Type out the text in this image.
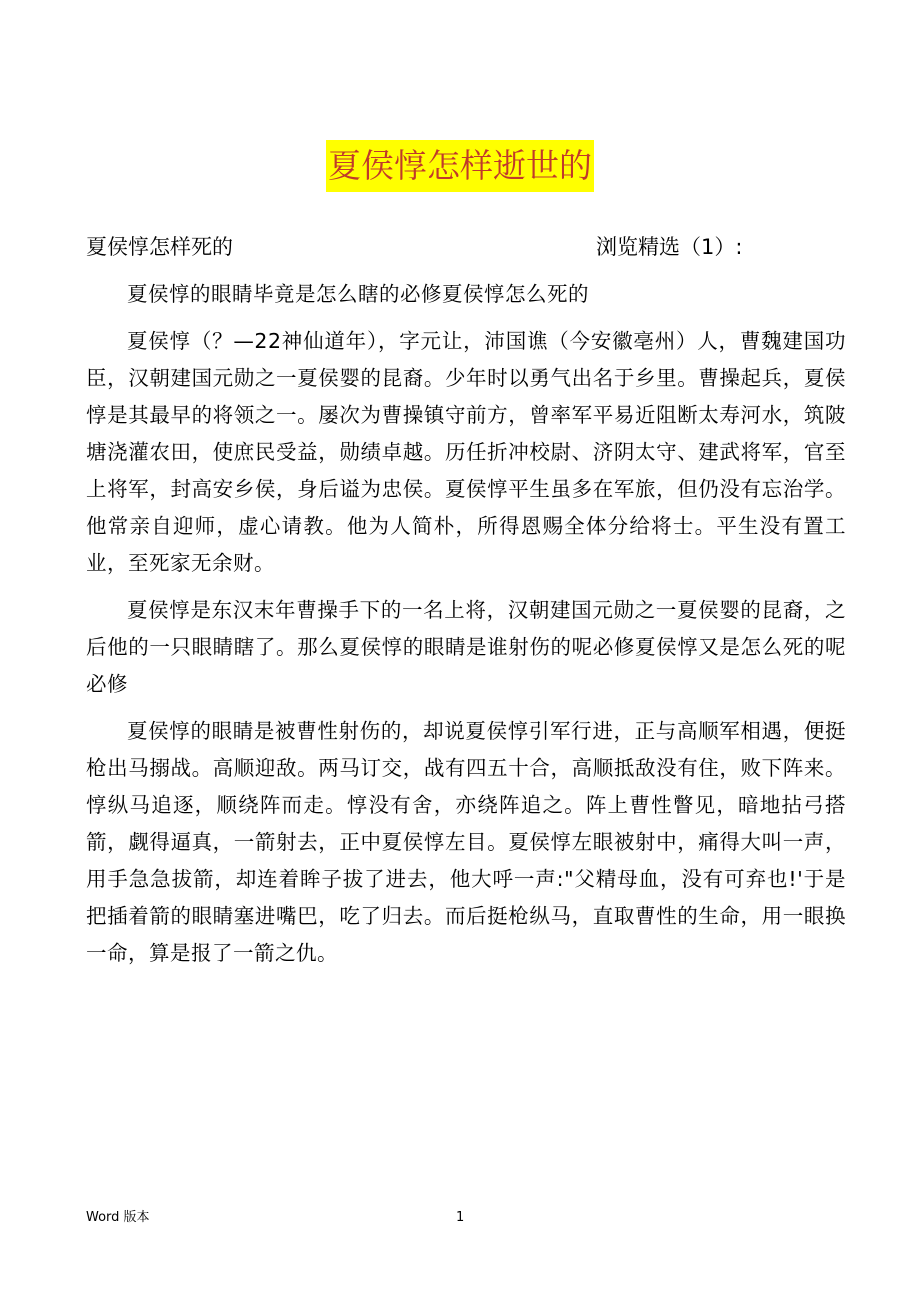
夏侯惇怎样逝世的
夏侯惇怎样死的	浏览精选（1）:

夏侯惇的眼睛毕竟是怎么瞎的必修夏侯惇怎么死的

夏侯惇（？—22神仙道年），字元让，沛国谯（今安徽亳州）人，曹魏建国功臣，汉朝建国元勋之一夏侯婴的昆裔。少年时以勇气出名于乡里。曹操起兵，夏侯惇是其最早的将领之一。屡次为曹操镇守前方，曾率军平易近阻断太寿河水，筑陂塘浇灌农田，使庶民受益，勋绩卓越。历任折冲校尉、济阴太守、建武将军，官至上将军，封高安乡侯，身后谥为忠侯。夏侯惇平生虽多在军旅，但仍没有忘治学。他常亲自迎师，虚心请教。他为人简朴，所得恩赐全体分给将士。平生没有置工业，至死家无余财。

夏侯惇是东汉末年曹操手下的一名上将，汉朝建国元勋之一夏侯婴的昆裔，之后他的一只眼睛瞎了。那么夏侯惇的眼睛是谁射伤的呢必修夏侯惇又是怎么死的呢必修

夏侯惇的眼睛是被曹性射伤的，却说夏侯惇引军行进，正与高顺军相遇，便挺枪出马搦战。高顺迎敌。两马订交，战有四五十合，高顺抵敌没有住，败下阵来。惇纵马追逐，顺绕阵而走。惇没有舍，亦绕阵追之。阵上曹性瞥见，暗地拈弓搭箭，觑得逼真，一箭射去，正中夏侯惇左目。夏侯惇左眼被射中，痛得大叫一声，用手急急拔箭，却连着眸子拔了进去，他大呼一声:"父精母血，没有可弃也!'于是把插着箭的眼睛塞进嘴巴，吃了归去。而后挺枪纵马，直取曹性的生命，用一眼换一命，算是报了一箭之仇。

Word 版本	1
